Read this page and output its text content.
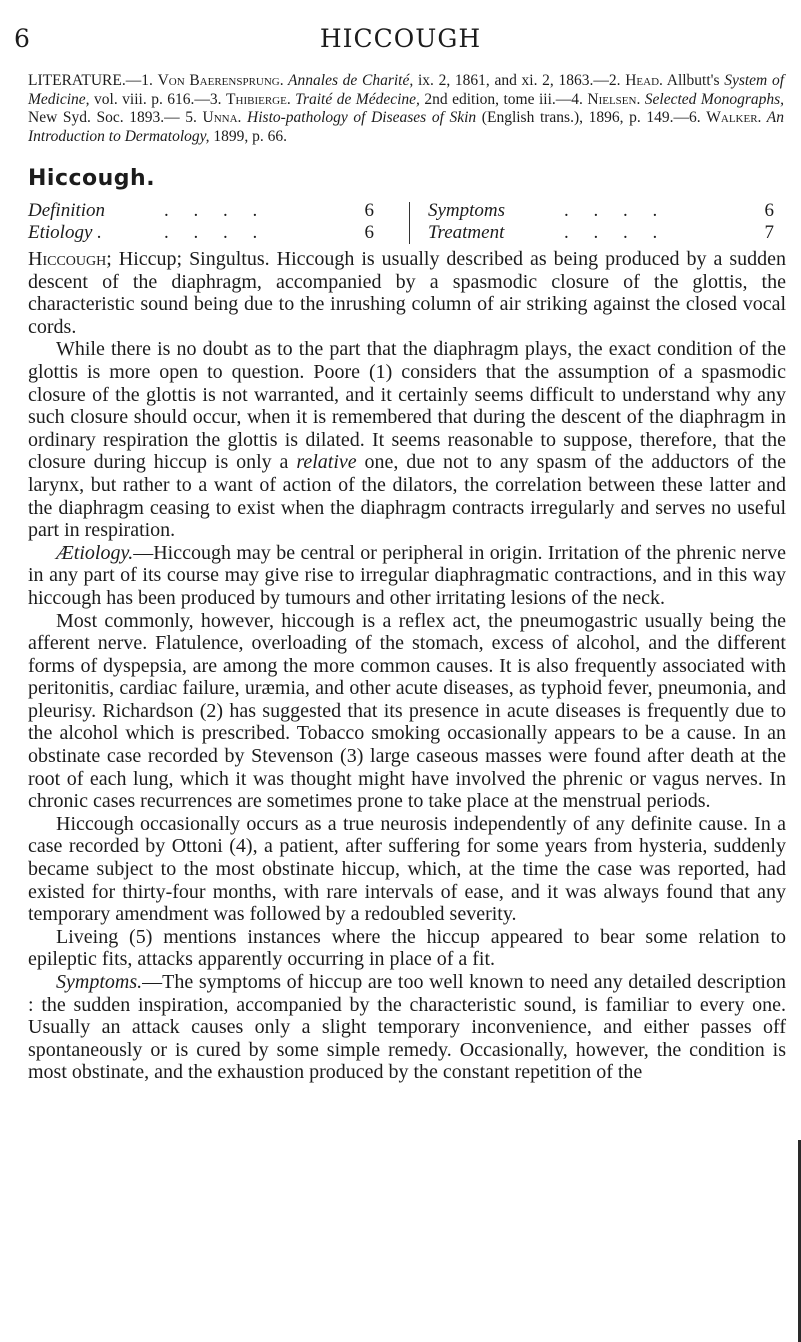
6	HICCOUGH
LITERATURE.—1. Von Baerensprung. Annales de Charité, ix. 2, 1861, and xi. 2, 1863.—2. Head. Allbutt's System of Medicine, vol. viii. p. 616.—3. Thibierge. Traité de Médecine, 2nd edition, tome iii.—4. Nielsen. Selected Monographs, New Syd. Soc. 1893.— 5. Unna. Histo-pathology of Diseases of Skin (English trans.), 1896, p. 149.—6. Walker. An Introduction to Dermatology, 1899, p. 66.
Hiccough.
Definition	. . . .	6
Etiology .	. . . .	6
Symptoms	. . . .	6
Treatment	. . . .	7

Hiccough; Hiccup; Singultus. Hiccough is usually described as being produced by a sudden descent of the diaphragm, accompanied by a spasmodic closure of the glottis, the characteristic sound being due to the inrushing column of air striking against the closed vocal cords.

While there is no doubt as to the part that the diaphragm plays, the exact condition of the glottis is more open to question. Poore (1) considers that the assumption of a spasmodic closure of the glottis is not warranted, and it certainly seems difficult to understand why any such closure should occur, when it is remembered that during the descent of the diaphragm in ordinary respiration the glottis is dilated. It seems reasonable to suppose, therefore, that the closure during hiccup is only a relative one, due not to any spasm of the adductors of the larynx, but rather to a want of action of the dilators, the correlation between these latter and the diaphragm ceasing to exist when the diaphragm contracts irregularly and serves no useful part in respiration.

Ætiology.—Hiccough may be central or peripheral in origin. Irritation of the phrenic nerve in any part of its course may give rise to irregular diaphragmatic contractions, and in this way hiccough has been produced by tumours and other irritating lesions of the neck.

Most commonly, however, hiccough is a reflex act, the pneumogastric usually being the afferent nerve. Flatulence, overloading of the stomach, excess of alcohol, and the different forms of dyspepsia, are among the more common causes. It is also frequently associated with peritonitis, cardiac failure, uræmia, and other acute diseases, as typhoid fever, pneumonia, and pleurisy. Richardson (2) has suggested that its presence in acute diseases is frequently due to the alcohol which is prescribed. Tobacco smoking occasionally appears to be a cause. In an obstinate case recorded by Stevenson (3) large caseous masses were found after death at the root of each lung, which it was thought might have involved the phrenic or vagus nerves. In chronic cases recurrences are sometimes prone to take place at the menstrual periods.

Hiccough occasionally occurs as a true neurosis independently of any definite cause. In a case recorded by Ottoni (4), a patient, after suffering for some years from hysteria, suddenly became subject to the most obstinate hiccup, which, at the time the case was reported, had existed for thirty-four months, with rare intervals of ease, and it was always found that any temporary amendment was followed by a redoubled severity.

Liveing (5) mentions instances where the hiccup appeared to bear some relation to epileptic fits, attacks apparently occurring in place of a fit.

Symptoms.—The symptoms of hiccup are too well known to need any detailed description : the sudden inspiration, accompanied by the characteristic sound, is familiar to every one. Usually an attack causes only a slight temporary inconvenience, and either passes off spontaneously or is cured by some simple remedy. Occasionally, however, the condition is most obstinate, and the exhaustion produced by the constant repetition of the
